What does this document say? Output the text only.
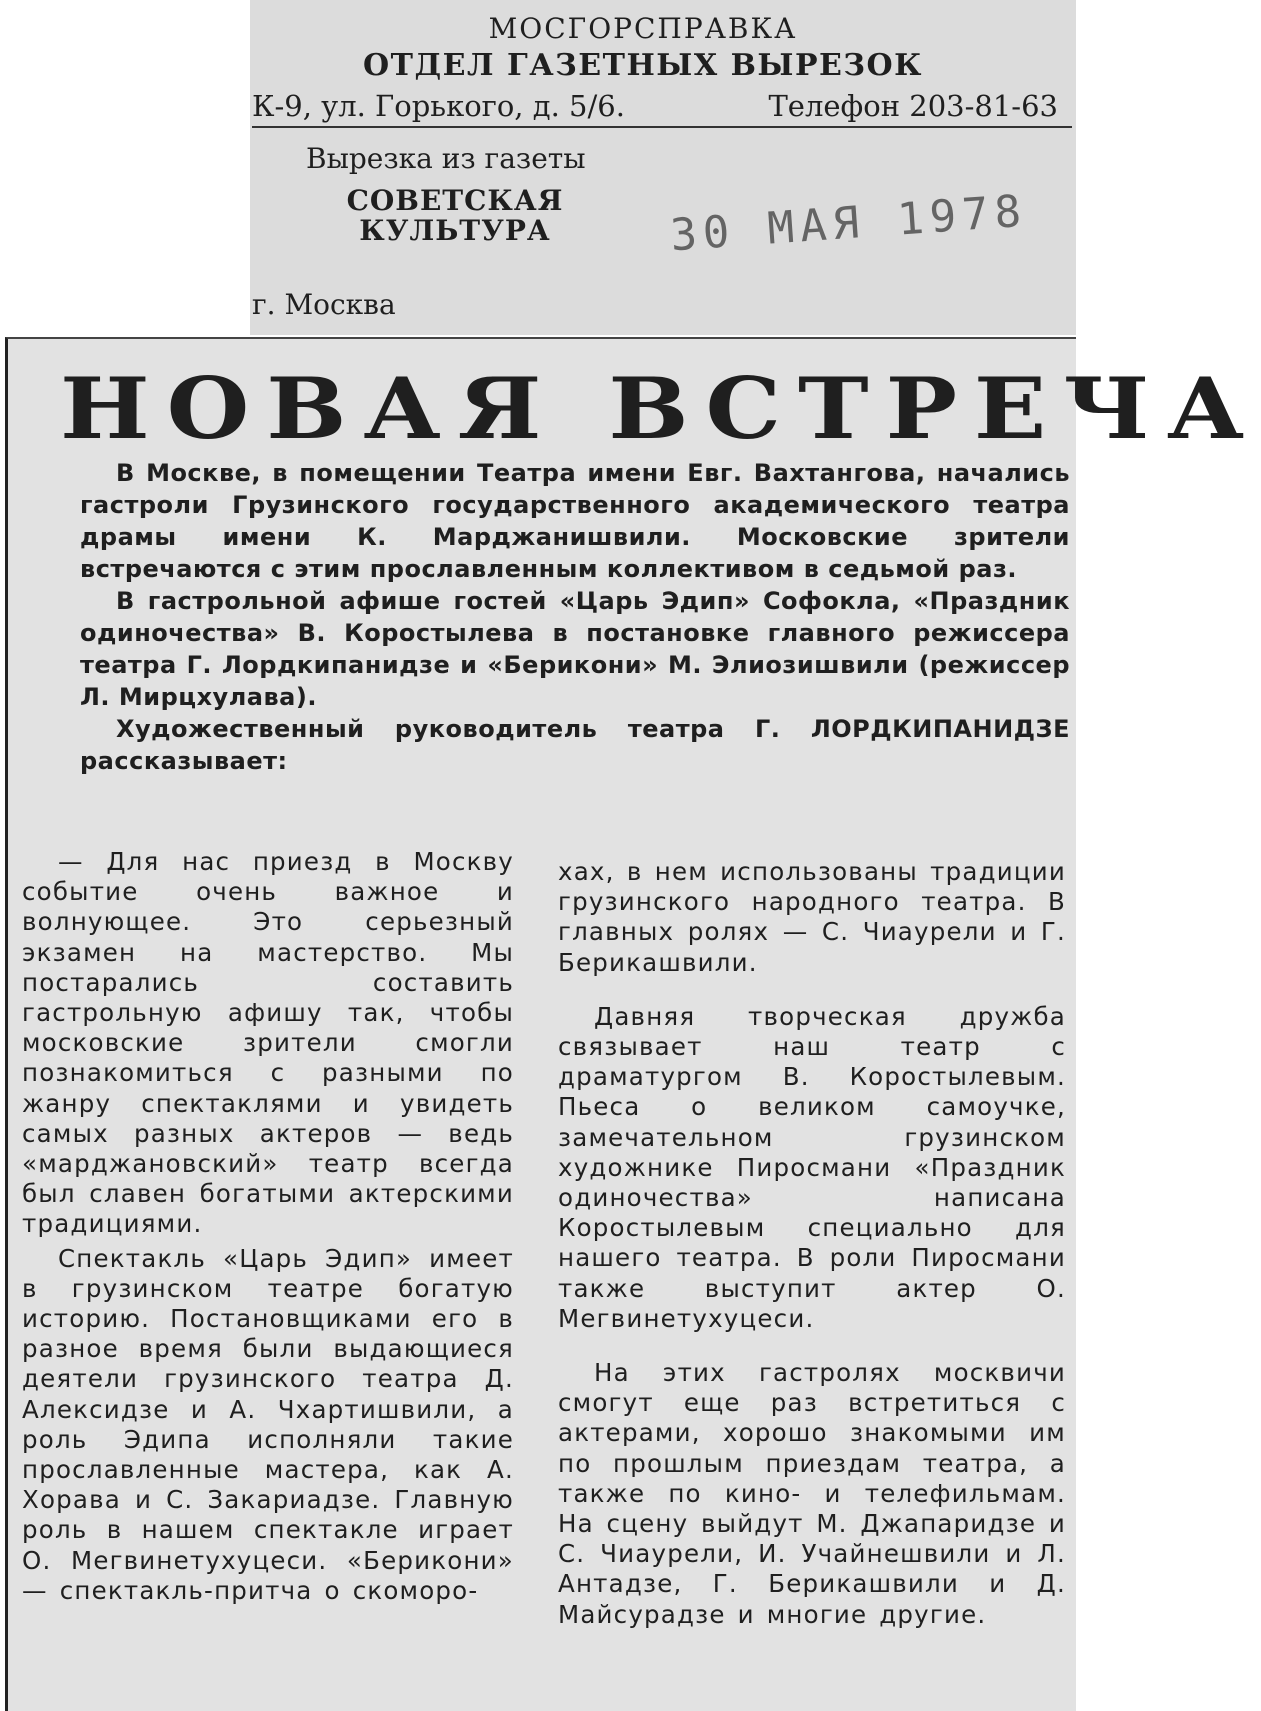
МОСГОРСПРАВКА
ОТДЕЛ ГАЗЕТНЫХ ВЫРЕЗОК
К-9, ул. Горького, д. 5/6.	Телефон 203-81-63
Вырезка из газеты
СОВЕТСКАЯ
КУЛЬТУРА	30 МАЯ 1978
г. Москва
НОВАЯ ВСТРЕЧА

В Москве, в помещении Театра имени Евг. Вахтангова, начались гастроли Грузинского государственного академического театра драмы имени К. Марджанишвили. Московские зрители встречаются с этим прославленным коллективом в седьмой раз.

В гастрольной афише гостей «Царь Эдип» Софокла, «Праздник одиночества» В. Коростылева в постановке главного режиссера театра Г. Лордкипанидзе и «Берикони» М. Элиозишвили (режиссер Л. Мирцхулава).

Художественный руководитель театра Г. ЛОРДКИПАНИДЗЕ рассказывает:

— Для нас приезд в Москву событие очень важное и волнующее. Это серьезный экзамен на мастерство. Мы постарались составить гастрольную афишу так, чтобы московские зрители смогли познакомиться с разными по жанру спектаклями и увидеть самых разных актеров — ведь «марджановский» театр всегда был славен богатыми актерскими традициями.

Спектакль «Царь Эдип» имеет в грузинском театре богатую историю. Постановщиками его в разное время были выдающиеся деятели грузинского театра Д. Алексидзе и А. Чхартишвили, а роль Эдипа исполняли такие прославленные мастера, как А. Хорава и С. Закариадзе. Главную роль в нашем спектакле играет О. Мегвинетухуцеси. «Берикони» — спектакль-притча о скоморо-

хах, в нем использованы традиции грузинского народного театра. В главных ролях — С. Чиаурели и Г. Берикашвили.

Давняя творческая дружба связывает наш театр с драматургом В. Коростылевым. Пьеса о великом самоучке, замечательном грузинском художнике Пиросмани «Праздник одиночества» написана Коростылевым специально для нашего театра. В роли Пиросмани также выступит актер О. Мегвинетухуцеси.

На этих гастролях москвичи смогут еще раз встретиться с актерами, хорошо знакомыми им по прошлым приездам театра, а также по кино- и телефильмам. На сцену выйдут М. Джапаридзе и С. Чиаурели, И. Учайнешвили и Л. Антадзе, Г. Берикашвили и Д. Майсурадзе и многие другие.
